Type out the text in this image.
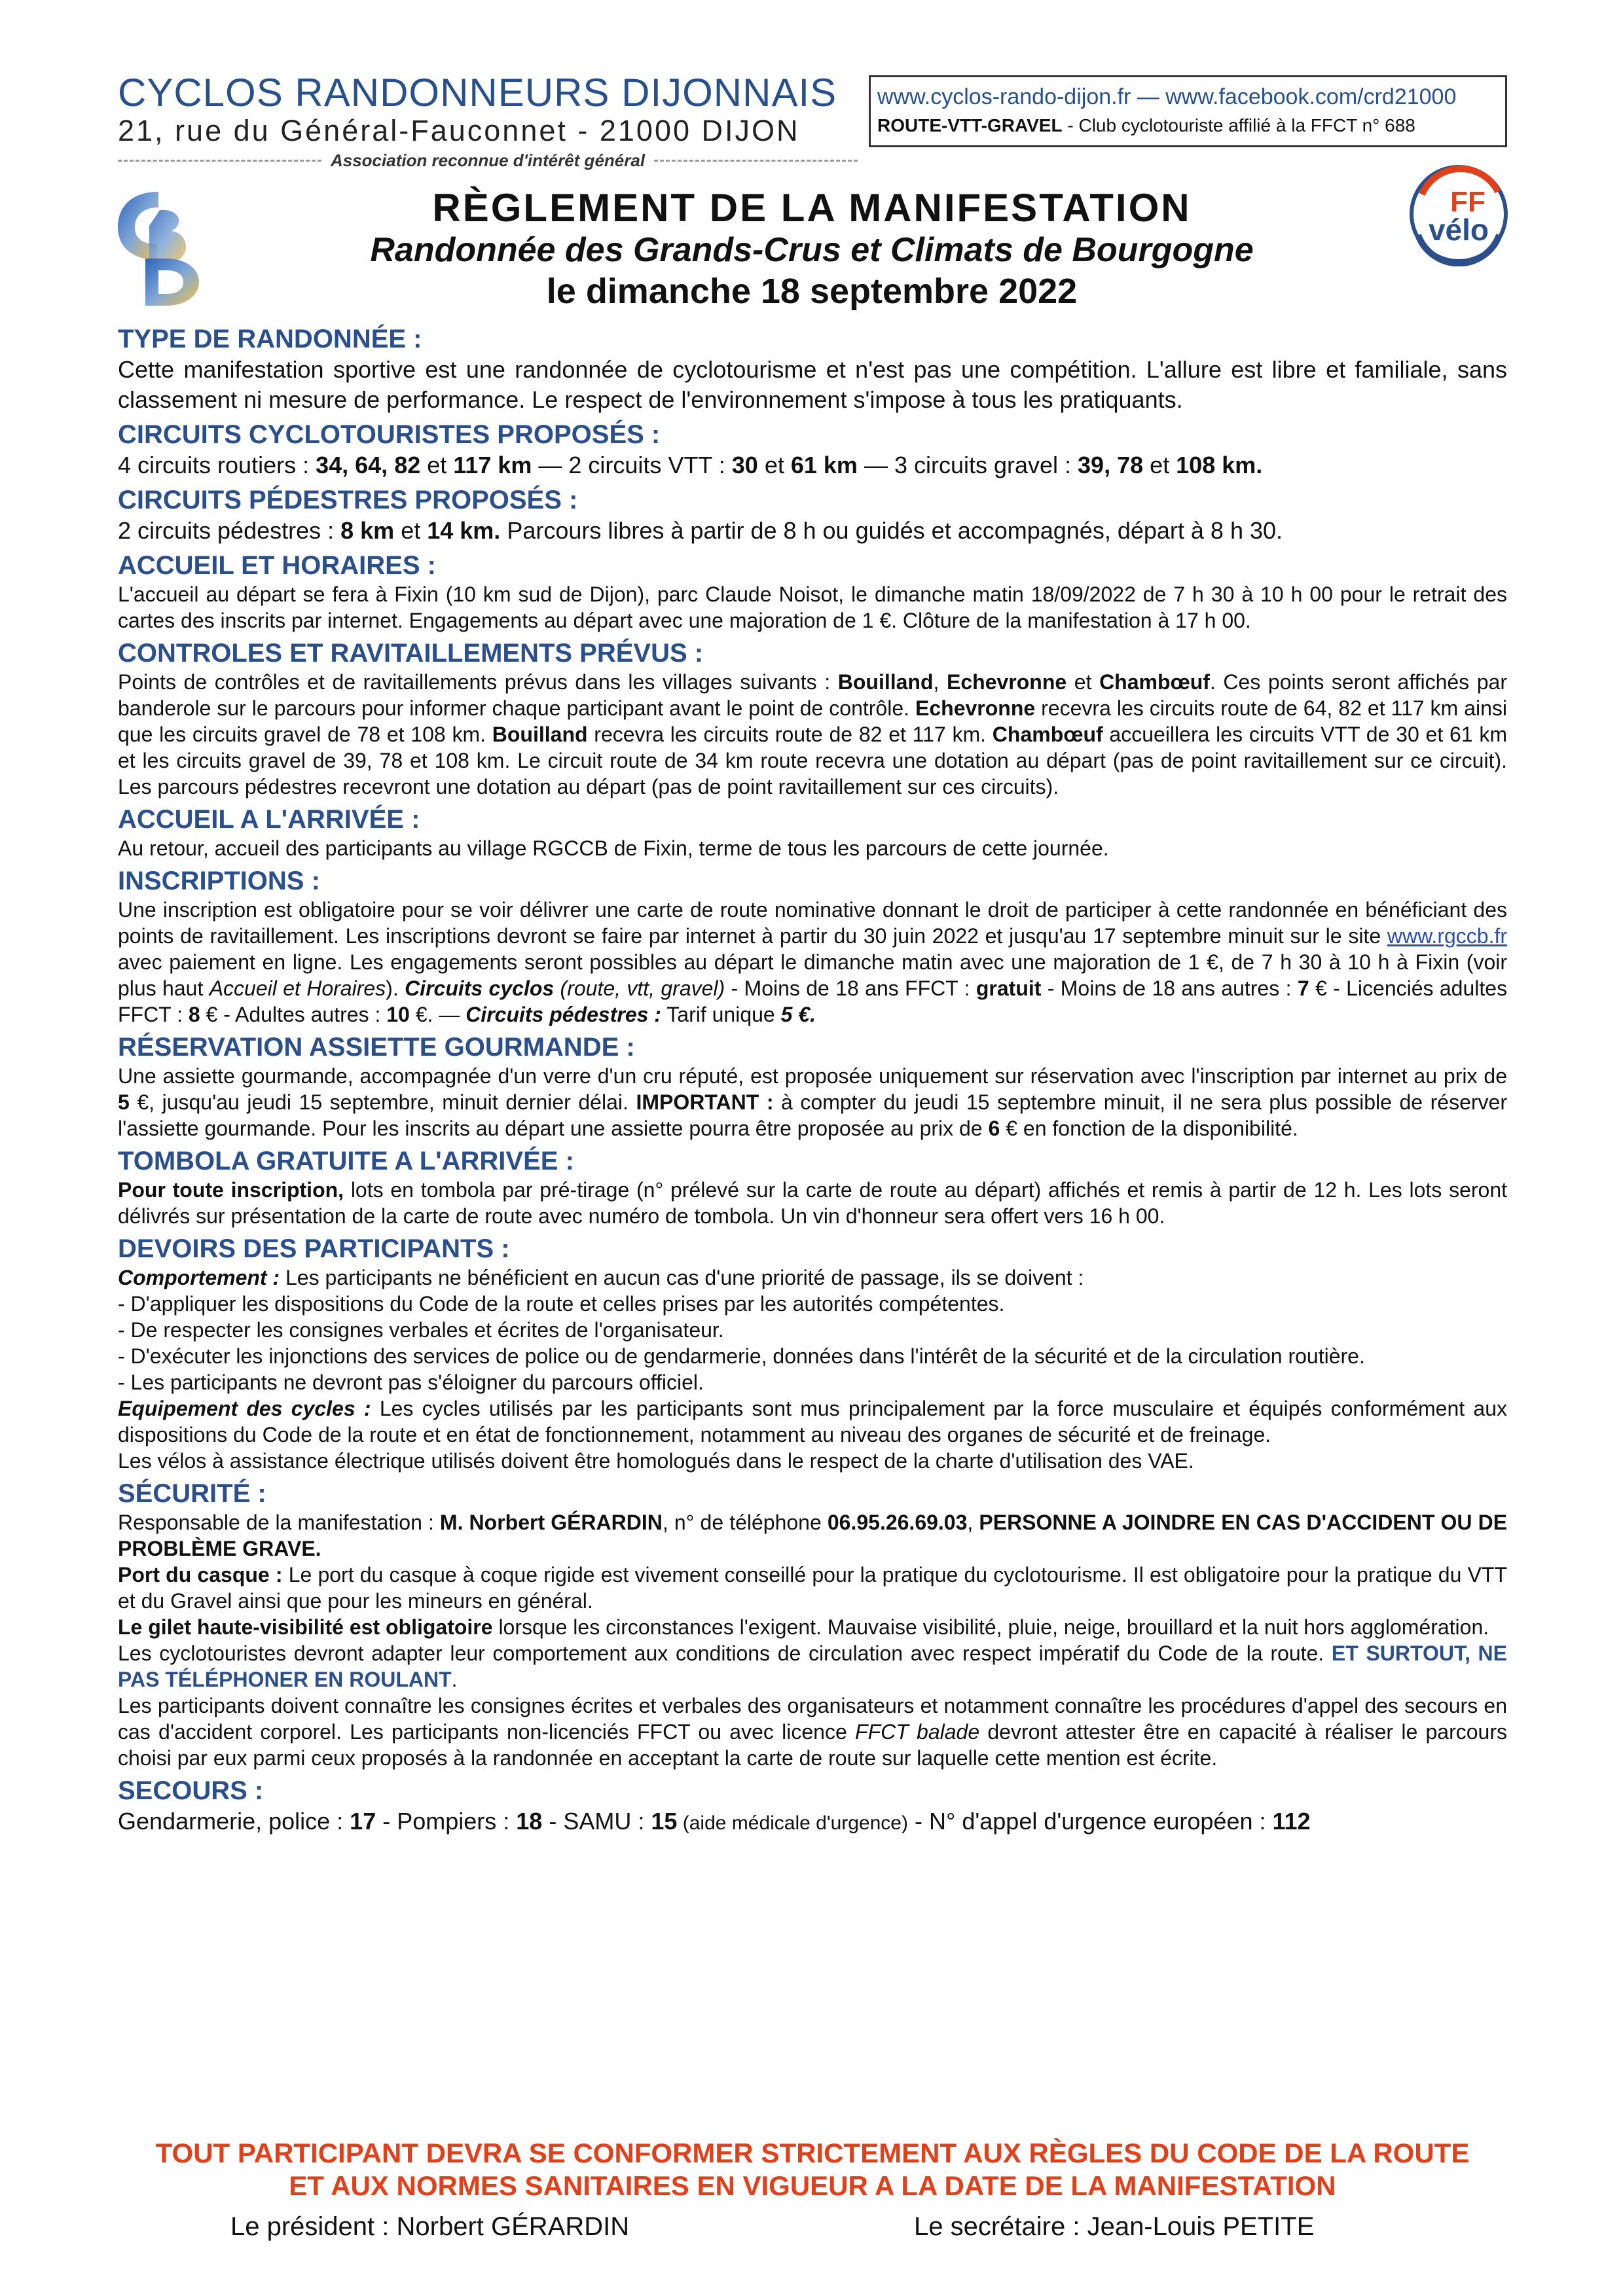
CYCLOS RANDONNEURS DIJONNAIS
21, rue du Général-Fauconnet - 21000 DIJON
Association reconnue d'intérêt général
www.cyclos-rando-dijon.fr — www.facebook.com/crd21000
ROUTE-VTT-GRAVEL - Club cyclotouriste affilié à la FFCT n° 688
FF
vélo
RÈGLEMENT DE LA MANIFESTATION
Randonnée des Grands-Crus et Climats de Bourgogne
le dimanche 18 septembre 2022
TYPE DE RANDONNÉE :
Cette manifestation sportive est une randonnée de cyclotourisme et n'est pas une compétition. L'allure est libre et familiale, sans classement ni mesure de performance. Le respect de l'environnement s'impose à tous les pratiquants.
CIRCUITS CYCLOTOURISTES PROPOSÉS :
4 circuits routiers : 34, 64, 82 et 117 km — 2 circuits VTT : 30 et 61 km — 3 circuits gravel : 39, 78 et 108 km.
CIRCUITS PÉDESTRES PROPOSÉS :
2 circuits pédestres : 8 km et 14 km. Parcours libres à partir de 8 h ou guidés et accompagnés, départ à 8 h 30.
ACCUEIL ET HORAIRES :
L'accueil au départ se fera à Fixin (10 km sud de Dijon), parc Claude Noisot, le dimanche matin 18/09/2022 de 7 h 30 à 10 h 00 pour le retrait des cartes des inscrits par internet. Engagements au départ avec une majoration de 1 €. Clôture de la manifestation à 17 h 00.
CONTROLES ET RAVITAILLEMENTS PRÉVUS :
Points de contrôles et de ravitaillements prévus dans les villages suivants : Bouilland, Echevronne et Chambœuf. Ces points seront affichés par banderole sur le parcours pour informer chaque participant avant le point de contrôle. Echevronne recevra les circuits route de 64, 82 et 117 km ainsi que les circuits gravel de 78 et 108 km. Bouilland recevra les circuits route de 82 et 117 km. Chambœuf accueillera les circuits VTT de 30 et 61 km et les circuits gravel de 39, 78 et 108 km. Le circuit route de 34 km route recevra une dotation au départ (pas de point ravitaillement sur ce circuit). Les parcours pédestres recevront une dotation au départ (pas de point ravitaillement sur ces circuits).
ACCUEIL A L'ARRIVÉE :
Au retour, accueil des participants au village RGCCB de Fixin, terme de tous les parcours de cette journée.
INSCRIPTIONS :
Une inscription est obligatoire pour se voir délivrer une carte de route nominative donnant le droit de participer à cette randonnée en bénéficiant des points de ravitaillement. Les inscriptions devront se faire par internet à partir du 30 juin 2022 et jusqu'au 17 septembre minuit sur le site www.rgccb.fr avec paiement en ligne. Les engagements seront possibles au départ le dimanche matin avec une majoration de 1 €, de 7 h 30 à 10 h à Fixin (voir plus haut Accueil et Horaires). Circuits cyclos (route, vtt, gravel) - Moins de 18 ans FFCT : gratuit - Moins de 18 ans autres : 7 € - Licenciés adultes FFCT : 8 € - Adultes autres : 10 €. — Circuits pédestres : Tarif unique 5 €.
RÉSERVATION ASSIETTE GOURMANDE :
Une assiette gourmande, accompagnée d'un verre d'un cru réputé, est proposée uniquement sur réservation avec l'inscription par internet au prix de 5 €, jusqu'au jeudi 15 septembre, minuit dernier délai. IMPORTANT : à compter du jeudi 15 septembre minuit, il ne sera plus possible de réserver l'assiette gourmande. Pour les inscrits au départ une assiette pourra être proposée au prix de 6 € en fonction de la disponibilité.
TOMBOLA GRATUITE A L'ARRIVÉE :
Pour toute inscription, lots en tombola par pré-tirage (n° prélevé sur la carte de route au départ) affichés et remis à partir de 12 h. Les lots seront délivrés sur présentation de la carte de route avec numéro de tombola. Un vin d'honneur sera offert vers 16 h 00.
DEVOIRS DES PARTICIPANTS :
Comportement : Les participants ne bénéficient en aucun cas d'une priorité de passage, ils se doivent :
- D'appliquer les dispositions du Code de la route et celles prises par les autorités compétentes.
- De respecter les consignes verbales et écrites de l'organisateur.
- D'exécuter les injonctions des services de police ou de gendarmerie, données dans l'intérêt de la sécurité et de la circulation routière.
- Les participants ne devront pas s'éloigner du parcours officiel.
Equipement des cycles : Les cycles utilisés par les participants sont mus principalement par la force musculaire et équipés conformément aux dispositions du Code de la route et en état de fonctionnement, notamment au niveau des organes de sécurité et de freinage.
Les vélos à assistance électrique utilisés doivent être homologués dans le respect de la charte d'utilisation des VAE.
SÉCURITÉ :
Responsable de la manifestation : M. Norbert GÉRARDIN, n° de téléphone 06.95.26.69.03, PERSONNE A JOINDRE EN CAS D'ACCIDENT OU DE PROBLÈME GRAVE.
Port du casque : Le port du casque à coque rigide est vivement conseillé pour la pratique du cyclotourisme. Il est obligatoire pour la pratique du VTT et du Gravel ainsi que pour les mineurs en général.
Le gilet haute-visibilité est obligatoire lorsque les circonstances l'exigent. Mauvaise visibilité, pluie, neige, brouillard et la nuit hors agglomération.
Les cyclotouristes devront adapter leur comportement aux conditions de circulation avec respect impératif du Code de la route. ET SURTOUT, NE PAS TÉLÉPHONER EN ROULANT.
Les participants doivent connaître les consignes écrites et verbales des organisateurs et notamment connaître les procédures d'appel des secours en cas d'accident corporel. Les participants non-licenciés FFCT ou avec licence FFCT balade devront attester être en capacité à réaliser le parcours choisi par eux parmi ceux proposés à la randonnée en acceptant la carte de route sur laquelle cette mention est écrite.
SECOURS :
Gendarmerie, police : 17 - Pompiers : 18 - SAMU : 15 (aide médicale d'urgence) - N° d'appel d'urgence européen : 112
TOUT PARTICIPANT DEVRA SE CONFORMER STRICTEMENT AUX RÈGLES DU CODE DE LA ROUTE
ET AUX NORMES SANITAIRES EN VIGUEUR A LA DATE DE LA MANIFESTATION
Le président : Norbert GÉRARDIN	Le secrétaire : Jean-Louis PETITE
